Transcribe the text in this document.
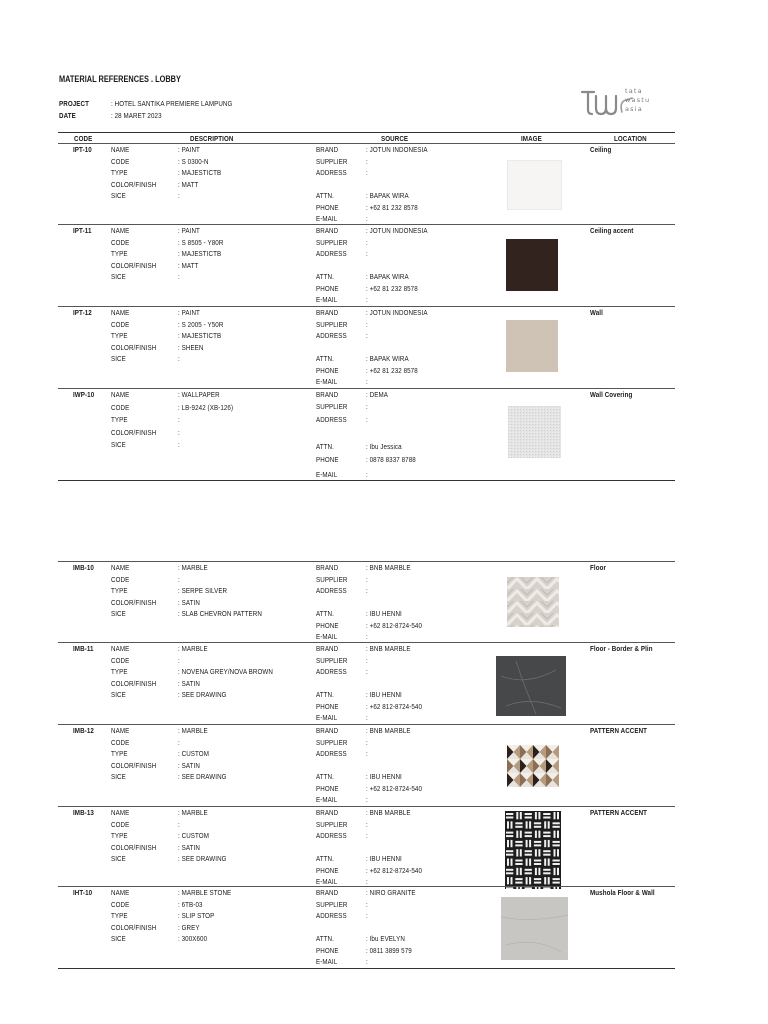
MATERIAL REFERENCES . LOBBY
PROJECT	: HOTEL SANTIKA PREMIERE LAMPUNG
DATE	: 28 MARET 2023
tata
wastu
asia
CODE	DESCRIPTION	SOURCE	IMAGE	LOCATION
IPT-10	Ceiling
NAME	: PAINT
CODE	: S 0300-N
TYPE	: MAJESTICTB
COLOR/FINISH	: MATT
SICE	:
BRAND	: JOTUN INDONESIA
SUPPLIER :
ADDRESS	:
ATTN.	: BAPAK WIRA
PHONE	: +62 81 232 8578
E-MAIL	:
IPT-11	Ceiling accent
NAME	: PAINT
CODE	: S 8505 - Y80R
TYPE	: MAJESTICTB
COLOR/FINISH	: MATT
SICE	:
BRAND	: JOTUN INDONESIA
SUPPLIER :
ADDRESS	:
ATTN.	: BAPAK WIRA
PHONE	: +62 81 232 8578
E-MAIL	:
IPT-12	Wall
NAME	: PAINT
CODE	: S 2005 - Y50R
TYPE	: MAJESTICTB
COLOR/FINISH	: SHEEN
SICE	:
BRAND	: JOTUN INDONESIA
SUPPLIER :
ADDRESS	:
ATTN.	: BAPAK WIRA
PHONE	: +62 81 232 8578
E-MAIL	:
IWP-10	Wall Covering
NAME	: WALLPAPER
CODE	: LB-9242 (XB-126)
TYPE	:
COLOR/FINISH	:
SICE	:
BRAND	: DEMA
SUPPLIER :
ADDRESS	:
ATTN.	: Ibu Jessica
PHONE	: 0878 8337 8788
E-MAIL	:
IMB-10	Floor
NAME	: MARBLE
CODE	:
TYPE	: SERPE SILVER
COLOR/FINISH	: SATIN
SICE	: SLAB CHEVRON PATTERN
BRAND	: BNB MARBLE
SUPPLIER :
ADDRESS	:
ATTN.	: IBU HENNI
PHONE	: +62 812-8724-540
E-MAIL	:
IMB-11	Floor - Border & Plin
NAME	: MARBLE
CODE	:
TYPE	: NOVENA GREY/NOVA BROWN
COLOR/FINISH	: SATIN
SICE	: SEE DRAWING
BRAND	: BNB MARBLE
SUPPLIER :
ADDRESS	:
ATTN.	: IBU HENNI
PHONE	: +62 812-8724-540
E-MAIL	:
IMB-12	PATTERN ACCENT
NAME	: MARBLE
CODE	:
TYPE	: CUSTOM
COLOR/FINISH	: SATIN
SICE	: SEE DRAWING
BRAND	: BNB MARBLE
SUPPLIER :
ADDRESS	:
ATTN.	: IBU HENNI
PHONE	: +62 812-8724-540
E-MAIL	:
IMB-13	PATTERN ACCENT
NAME	: MARBLE
CODE	:
TYPE	: CUSTOM
COLOR/FINISH	: SATIN
SICE	: SEE DRAWING
BRAND	: BNB MARBLE
SUPPLIER :
ADDRESS	:
ATTN.	: IBU HENNI
PHONE	: +62 812-8724-540
E-MAIL	:
IHT-10	Mushola Floor & Wall
NAME	: MARBLE STONE
CODE	: 6TB-03
TYPE	: SLIP STOP
COLOR/FINISH	: GREY
SICE	: 300X600
BRAND	: NIRO GRANITE
SUPPLIER :
ADDRESS	:
ATTN.	: Ibu EVELYN
PHONE	: 0811 3899 579
E-MAIL	:
